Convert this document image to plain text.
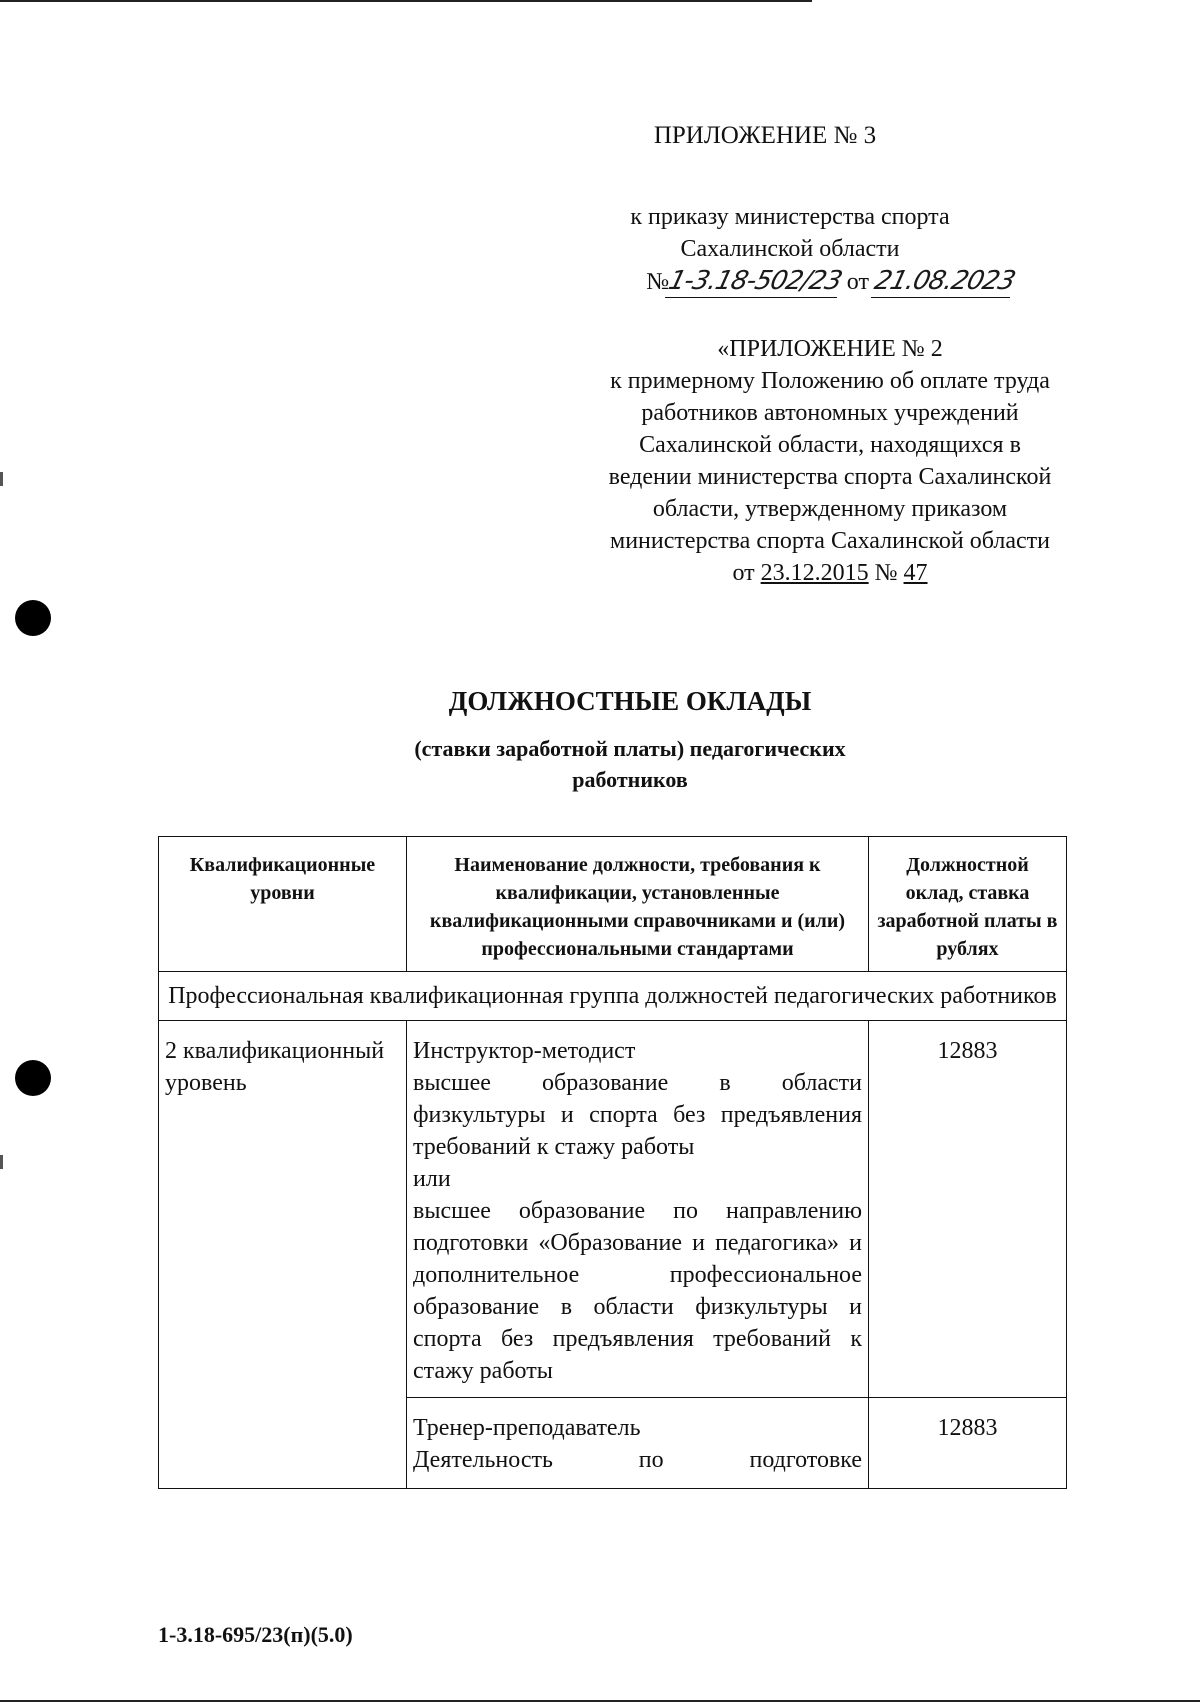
ПРИЛОЖЕНИЕ № 3
к приказу министерства спорта
Сахалинской области
№1-3.18-502/23 от 21.08.2023
«ПРИЛОЖЕНИЕ № 2
к примерному Положению об оплате труда
работников автономных учреждений
Сахалинской области, находящихся в
ведении министерства спорта Сахалинской
области, утвержденному приказом
министерства спорта Сахалинской области
от 23.12.2015 № 47
ДОЛЖНОСТНЫЕ ОКЛАДЫ
(ставки заработной платы) педагогических
работников
Квалификационные уровни	Наименование должности, требования к квалификации, установленные квалификационными справочниками и (или) профессиональными стандартами	Должностной оклад, ставка заработной платы в рублях
Профессиональная квалификационная группа должностей педагогических работников		
2 квалификационный уровень	Инструктор-методист
высшее образование в области физкультуры и спорта без предъявления требований к стажу работы
или
высшее образование по направлению подготовки «Образование и педагогика» и дополнительное профессиональное образование в области физкультуры и спорта без предъявления требований к стажу работы	12883

	Тренер-преподаватель
Деятельность по подготовке	12883
1-3.18-695/23(п)(5.0)
